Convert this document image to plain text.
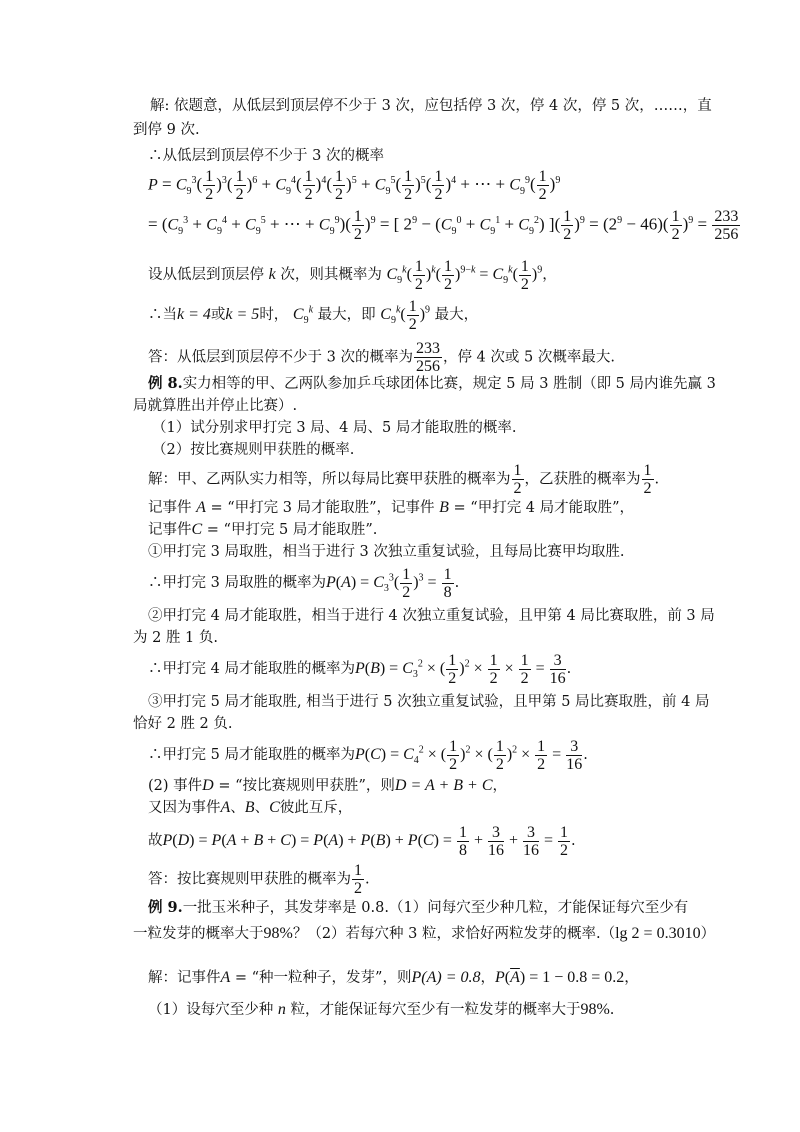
解: 依题意，从低层到顶层停不少于 3 次，应包括停 3 次，停 4 次，停 5 次，……，直
到停 9 次.
∴从低层到顶层停不少于 3 次的概率
$P = C_9^3( \frac{1}{2} )^3( \frac{1}{2} )^6 + C_9^4( \frac{1}{2} )^4( \frac{1}{2} )^5 + C_9^5( \frac{1}{2} )^5( \frac{1}{2} )^4$ + ⋯ + $C_9^9( \frac{1}{2} )^9$
= ($C_9^3 + C_9^4 + C_9^5$ + ⋯ + $C_9^9)( \frac{1}{2} )^9$ = [ $2^9 - (C_9^0 + C_9^1 + C_9^2)$ ]( $\frac{1}{2} )^9 = (2^9 - 46)( \frac{1}{2} )^9 = \frac{233}{256}$
设从低层到顶层停 k 次，则其概率为 $C_9^k( \frac{1}{2} )^k( \frac{1}{2} )^{9-k} = C_9^k( \frac{1}{2} )^9$，
∴当k = 4或k = 5时， $C_9^k$ 最大，即 $C_9^k( \frac{1}{2} )^9$ 最大，
答：从低层到顶层停不少于 3 次的概率为 $\frac{233}{256}$ ，停 4 次或 5 次概率最大.
例 8.实力相等的甲、乙两队参加乒乓球团体比赛，规定 5 局 3 胜制（即 5 局内谁先赢 3
局就算胜出并停止比赛）.
（1）试分别求甲打完 3 局、4 局、5 局才能取胜的概率.
（2）按比赛规则甲获胜的概率.
解：甲、乙两队实力相等，所以每局比赛甲获胜的概率为 $\frac{1}{2}$ ，乙获胜的概率为 $\frac{1}{2}$ .
记事件 A = “甲打完 3 局才能取胜”，记事件 B = “甲打完 4 局才能取胜”，
记事件C = “甲打完 5 局才能取胜”.
①甲打完 3 局取胜，相当于进行 3 次独立重复试验，且每局比赛甲均取胜.
∴甲打完 3 局取胜的概率为$P(A) = C_3^3( \frac{1}{2} )^3 = \frac{1}{8}$ .
②甲打完 4 局才能取胜，相当于进行 4 次独立重复试验，且甲第 4 局比赛取胜，前 3 局
为 2 胜 1 负.
∴甲打完 4 局才能取胜的概率为$P(B) = C_3^2$ × ( $\frac{1}{2} )^2 \times \frac{1}{2} \times \frac{1}{2} = \frac{3}{16}$ .
③甲打完 5 局才能取胜, 相当于进行 5 次独立重复试验，且甲第 5 局比赛取胜，前 4 局
恰好 2 胜 2 负.
∴甲打完 5 局才能取胜的概率为$P(C) = C_4^2$ × ( $\frac{1}{2} )^2$ × ( $\frac{1}{2} )^2 \times \frac{1}{2} = \frac{3}{16}$ .
(2) 事件D = “按比赛规则甲获胜”，则D = A + B + C，
又因为事件A、B、C彼此互斥，
故$P(D) = P(A + B + C) = P(A) + P(B) + P(C) = \frac{1}{8} + \frac{3}{16} + \frac{3}{16} = \frac{1}{2}$ .
答：按比赛规则甲获胜的概率为 $\frac{1}{2}$ .
例 9.一批玉米种子，其发芽率是 0.8.（1）问每穴至少种几粒，才能保证每穴至少有
一粒发芽的概率大于98%？（2）若每穴种 3 粒，求恰好两粒发芽的概率.（lg 2 = 0.3010）
解：记事件A = “种一粒种子，发芽”，则P(A) = 0.8，$P(\overline{A}) = 1 - 0.8 = 0.2$，
（1）设每穴至少种 n 粒，才能保证每穴至少有一粒发芽的概率大于98%.
